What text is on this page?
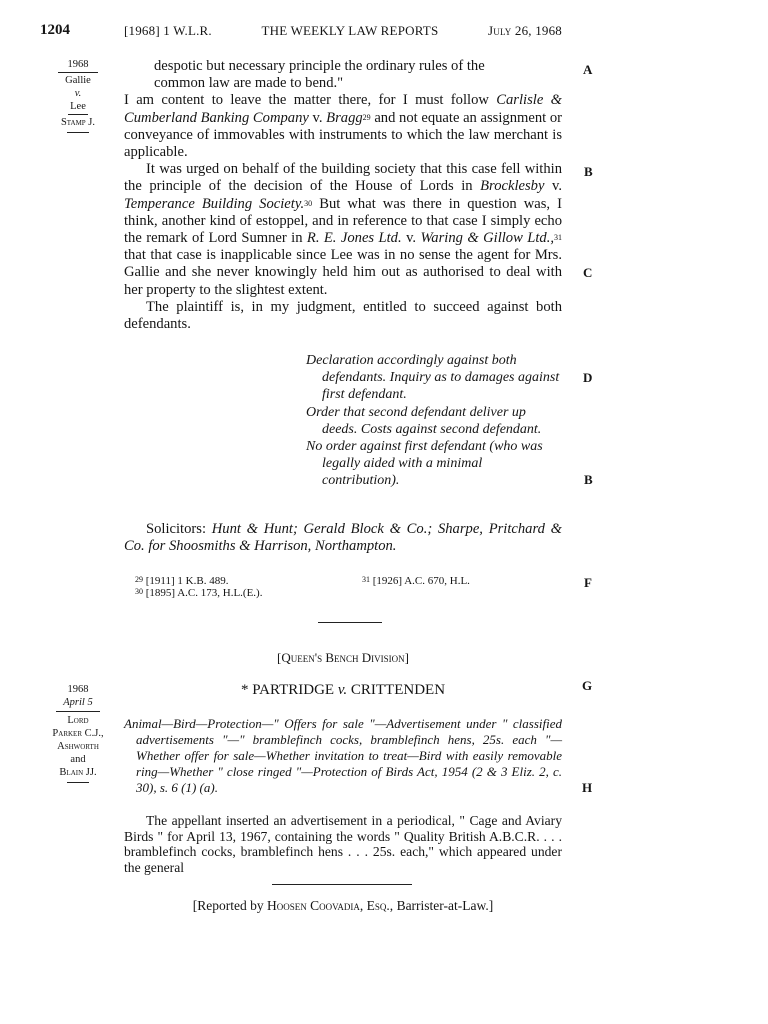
1204	[1968] 1 W.L.R.	THE WEEKLY LAW REPORTS	July 26, 1968
1968
Gallie
v.
Lee
Stamp J.
A
B
C
D
B
F
G
H

despotic but necessary principle the ordinary rules of the
common law are made to bend."

I am content to leave the matter there, for I must follow Carlisle & Cumberland Banking Company v. Bragg$^{29}$ and not equate an assignment or conveyance of immovables with instruments to which the law merchant is applicable.

It was urged on behalf of the building society that this case fell within the principle of the decision of the House of Lords in Brocklesby v. Temperance Building Society.$^{30}$ But what was there in question was, I think, another kind of estoppel, and in reference to that case I simply echo the remark of Lord Sumner in R. E. Jones Ltd. v. Waring & Gillow Ltd.,$^{31}$ that that case is inapplicable since Lee was in no sense the agent for Mrs. Gallie and she never knowingly held him out as authorised to deal with her property to the slightest extent.

The plaintiff is, in my judgment, entitled to succeed against both defendants.

Declaration accordingly against both defendants. Inquiry as to damages against first defendant.
Order that second defendant deliver up deeds. Costs against second defendant.
No order against first defendant (who was legally aided with a minimal contribution).

Solicitors: Hunt & Hunt; Gerald Block & Co.; Sharpe, Pritchard & Co. for Shoosmiths & Harrison, Northampton.

$^{29}$ [1911] 1 K.B. 489.
$^{30}$ [1895] A.C. 173, H.L.(E.).
$^{31}$ [1926] A.C. 670, H.L.
[Queen's Bench Division]
* PARTRIDGE v. CRITTENDEN
1968
April 5
Lord
Parker C.J.,
Ashworth
and
Blain JJ.
Animal—Bird—Protection—" Offers for sale "—Advertisement under " classified advertisements "—" bramblefinch cocks, bramblefinch hens, 25s. each "—Whether offer for sale—Whether invitation to treat—Bird with easily removable ring—Whether " close ringed "—Protection of Birds Act, 1954 (2 & 3 Eliz. 2, c. 30), s. 6 (1) (a).

The appellant inserted an advertisement in a periodical, " Cage and Aviary Birds " for April 13, 1967, containing the words " Quality British A.B.C.R. . . . bramblefinch cocks, bramblefinch hens . . . 25s. each," which appeared under the general

[Reported by Hoosen Coovadia, Esq., Barrister-at-Law.]
